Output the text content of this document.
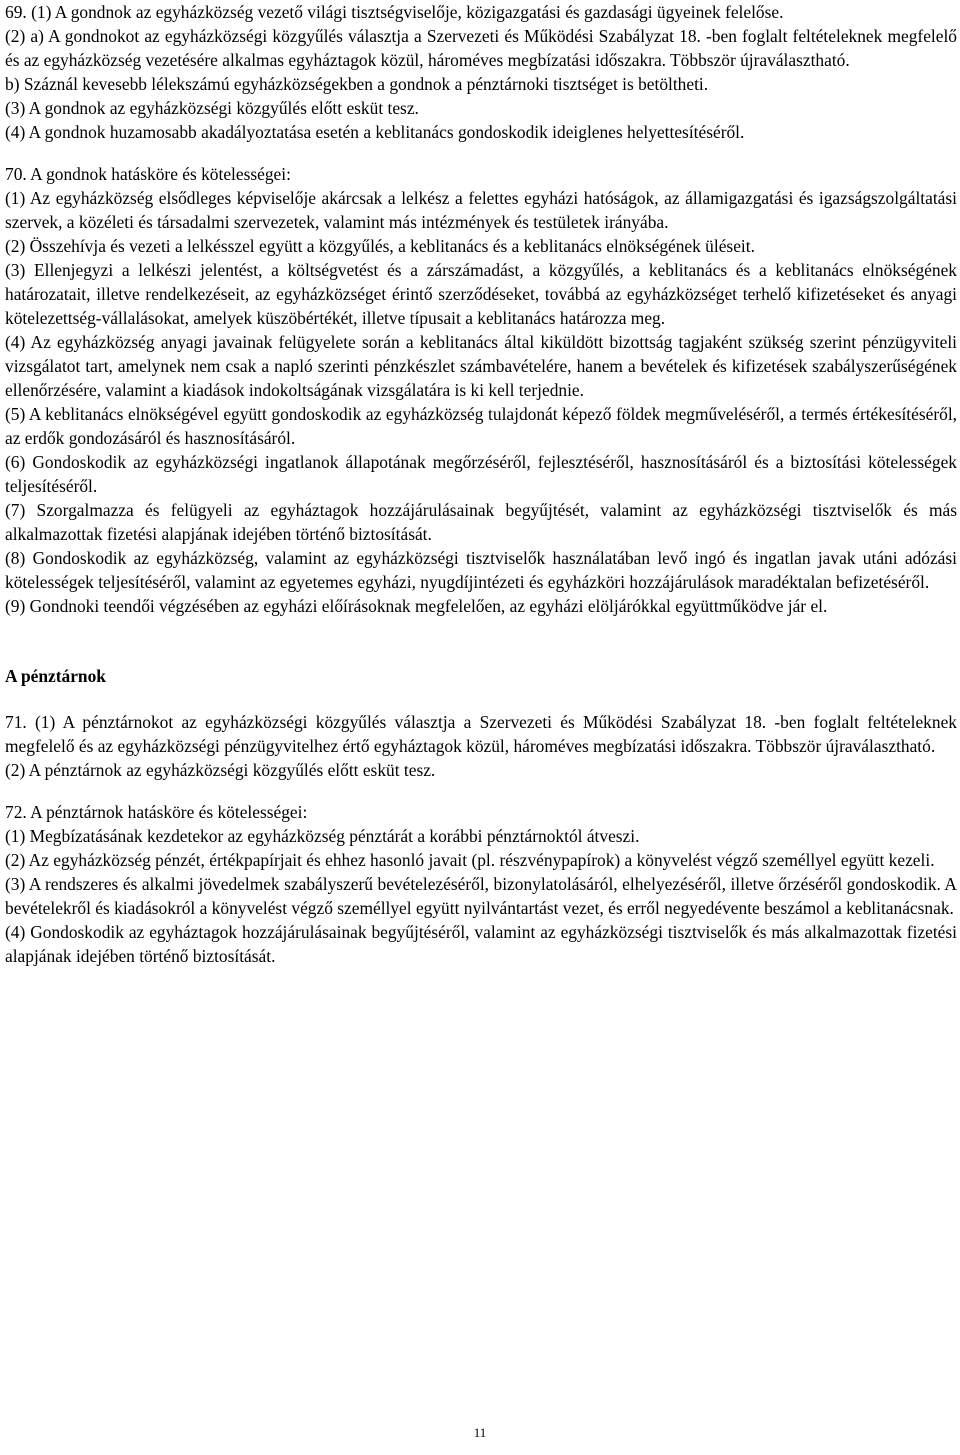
69. (1) A gondnok az egyházközség vezető világi tisztségviselője, közigazgatási és gazdasági ügyeinek felelőse.

(2) a) A gondnokot az egyházközségi közgyűlés választja a Szervezeti és Működési Szabályzat 18. -ben foglalt feltételeknek megfelelő és az egyházközség vezetésére alkalmas egyháztagok közül, hároméves megbízatási időszakra. Többször újraválasztható.

b) Száznál kevesebb lélekszámú egyházközségekben a gondnok a pénztárnoki tisztséget is betöltheti.

(3) A gondnok az egyházközségi közgyűlés előtt esküt tesz.

(4) A gondnok huzamosabb akadályoztatása esetén a keblitanács gondoskodik ideiglenes helyettesítéséről.

70. A gondnok hatásköre és kötelességei:

(1) Az egyházközség elsődleges képviselője akárcsak a lelkész a felettes egyházi hatóságok, az államigazgatási és igazságszolgáltatási szervek, a közéleti és társadalmi szervezetek, valamint más intézmények és testületek irányába.

(2) Összehívja és vezeti a lelkésszel együtt a közgyűlés, a keblitanács és a keblitanács elnökségének üléseit.

(3) Ellenjegyzi a lelkészi jelentést, a költségvetést és a zárszámadást, a közgyűlés, a keblitanács és a keblitanács elnökségének határozatait, illetve rendelkezéseit, az egyházközséget érintő szerződéseket, továbbá az egyházközséget terhelő kifizetéseket és anyagi kötelezettség-vállalásokat, amelyek küszöbértékét, illetve típusait a keblitanács határozza meg.

(4) Az egyházközség anyagi javainak felügyelete során a keblitanács által kiküldött bizottság tagjaként szükség szerint pénzügyviteli vizsgálatot tart, amelynek nem csak a napló szerinti pénzkészlet számbavételére, hanem a bevételek és kifizetések szabályszerűségének ellenőrzésére, valamint a kiadások indokoltságának vizsgálatára is ki kell terjednie.

(5) A keblitanács elnökségével együtt gondoskodik az egyházközség tulajdonát képező földek megműveléséről, a termés értékesítéséről, az erdők gondozásáról és hasznosításáról.

(6) Gondoskodik az egyházközségi ingatlanok állapotának megőrzéséről, fejlesztéséről, hasznosításáról és a biztosítási kötelességek teljesítéséről.

(7) Szorgalmazza és felügyeli az egyháztagok hozzájárulásainak begyűjtését, valamint az egyházközségi tisztviselők és más alkalmazottak fizetési alapjának idejében történő biztosítását.

(8) Gondoskodik az egyházközség, valamint az egyházközségi tisztviselők használatában levő ingó és ingatlan javak utáni adózási kötelességek teljesítéséről, valamint az egyetemes egyházi, nyugdíjintézeti és egyházköri hozzájárulások maradéktalan befizetéséről.

(9) Gondnoki teendői végzésében az egyházi előírásoknak megfelelően, az egyházi elöljárókkal együttműködve jár el.

A pénztárnok

71. (1) A pénztárnokot az egyházközségi közgyűlés választja a Szervezeti és Működési Szabályzat 18. -ben foglalt feltételeknek megfelelő és az egyházközségi pénzügyvitelhez értő egyháztagok közül, hároméves megbízatási időszakra. Többször újraválasztható.

(2) A pénztárnok az egyházközségi közgyűlés előtt esküt tesz.

72. A pénztárnok hatásköre és kötelességei:

(1) Megbízatásának kezdetekor az egyházközség pénztárát a korábbi pénztárnoktól átveszi.

(2) Az egyházközség pénzét, értékpapírjait és ehhez hasonló javait (pl. részvénypapírok) a könyvelést végző személlyel együtt kezeli.

(3) A rendszeres és alkalmi jövedelmek szabályszerű bevételezéséről, bizonylatolásáról, elhelyezéséről, illetve őrzéséről gondoskodik. A bevételekről és kiadásokról a könyvelést végző személlyel együtt nyilvántartást vezet, és erről negyedévente beszámol a keblitanácsnak.

(4) Gondoskodik az egyháztagok hozzájárulásainak begyűjtéséről, valamint az egyházközségi tisztviselők és más alkalmazottak fizetési alapjának idejében történő biztosítását.

11
